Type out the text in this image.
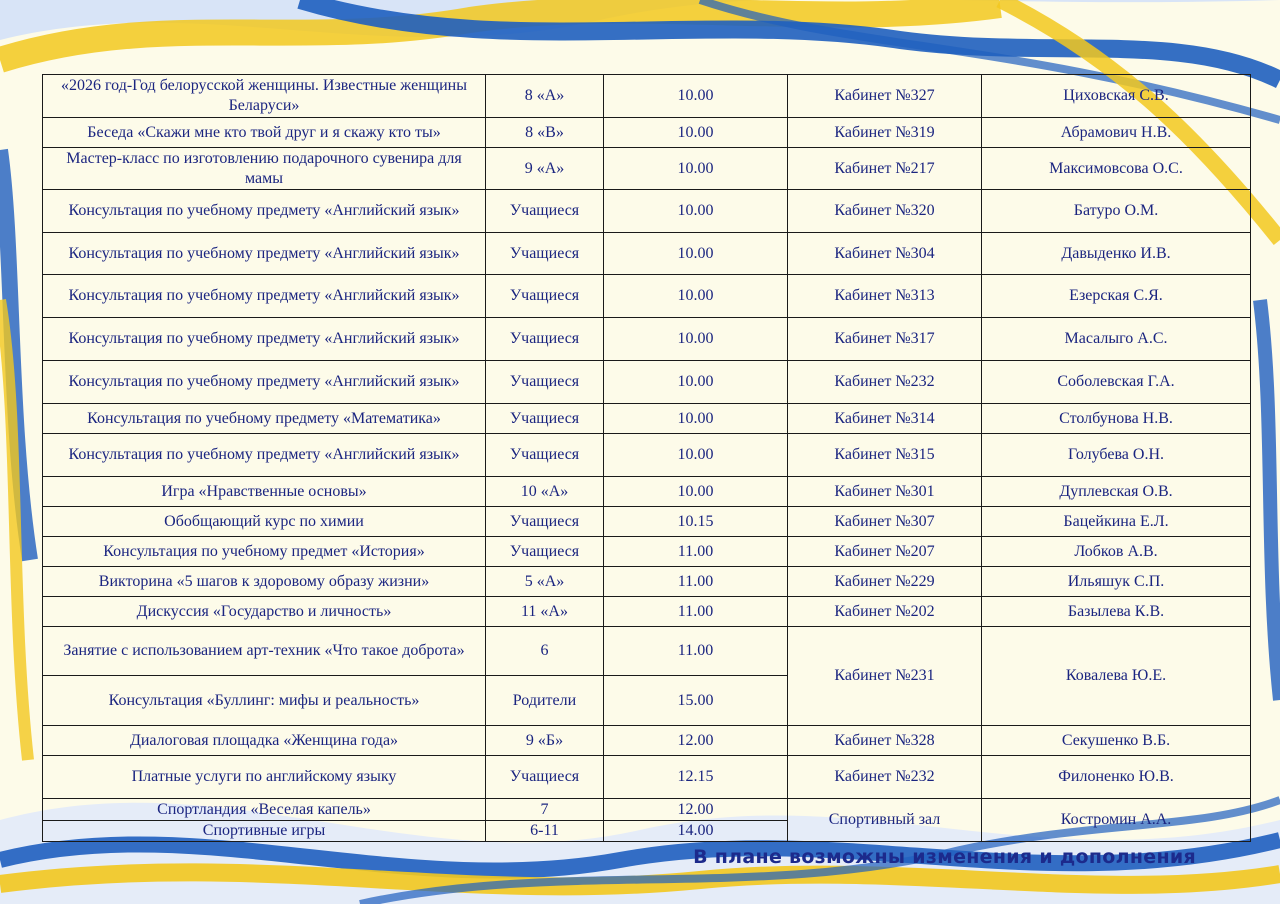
«2026 год-Год белорусской женщины. Известные женщины Беларуси»	8 «А»	10.00	Кабинет №327	Циховская С.В.
Беседа «Скажи мне кто твой друг и я скажу кто ты»	8 «В»	10.00	Кабинет №319	Абрамович Н.В.
Мастер-класс по изготовлению подарочного сувенира для мамы	9 «А»	10.00	Кабинет №217	Максимовсова О.С.
Консультация по учебному предмету «Английский язык»	Учащиеся	10.00	Кабинет №320	Батуро О.М.
Консультация по учебному предмету «Английский язык»	Учащиеся	10.00	Кабинет №304	Давыденко И.В.
Консультация по учебному предмету «Английский язык»	Учащиеся	10.00	Кабинет №313	Езерская С.Я.
Консультация по учебному предмету «Английский язык»	Учащиеся	10.00	Кабинет №317	Масалыго А.С.
Консультация по учебному предмету «Английский язык»	Учащиеся	10.00	Кабинет №232	Соболевская Г.А.
Консультация по учебному предмету «Математика»	Учащиеся	10.00	Кабинет №314	Столбунова Н.В.
Консультация по учебному предмету «Английский язык»	Учащиеся	10.00	Кабинет №315	Голубева О.Н.
Игра «Нравственные основы»	10 «А»	10.00	Кабинет №301	Дуплевская О.В.
Обобщающий курс по химии	Учащиеся	10.15	Кабинет №307	Бацейкина Е.Л.
Консультация по учебному предмет «История»	Учащиеся	11.00	Кабинет №207	Лобков А.В.
Викторина «5 шагов к здоровому образу жизни»	5 «А»	11.00	Кабинет №229	Ильяшук С.П.
Дискуссия «Государство и личность»	11 «А»	11.00	Кабинет №202	Базылева К.В.
Занятие с использованием арт-техник «Что такое доброта»	6	11.00	Кабинет №231	Ковалева Ю.Е.
Консультация «Буллинг: мифы и реальность»	Родители	15.00		
Диалоговая площадка «Женщина года»	9 «Б»	12.00	Кабинет №328	Секушенко В.Б.
Платные услуги по английскому языку	Учащиеся	12.15	Кабинет №232	Филоненко Ю.В.
Спортландия «Веселая капель»	7	12.00	Спортивный зал	Костромин А.А.
Спортивные игры	6-11	14.00		
В плане возможны изменения и дополнения
